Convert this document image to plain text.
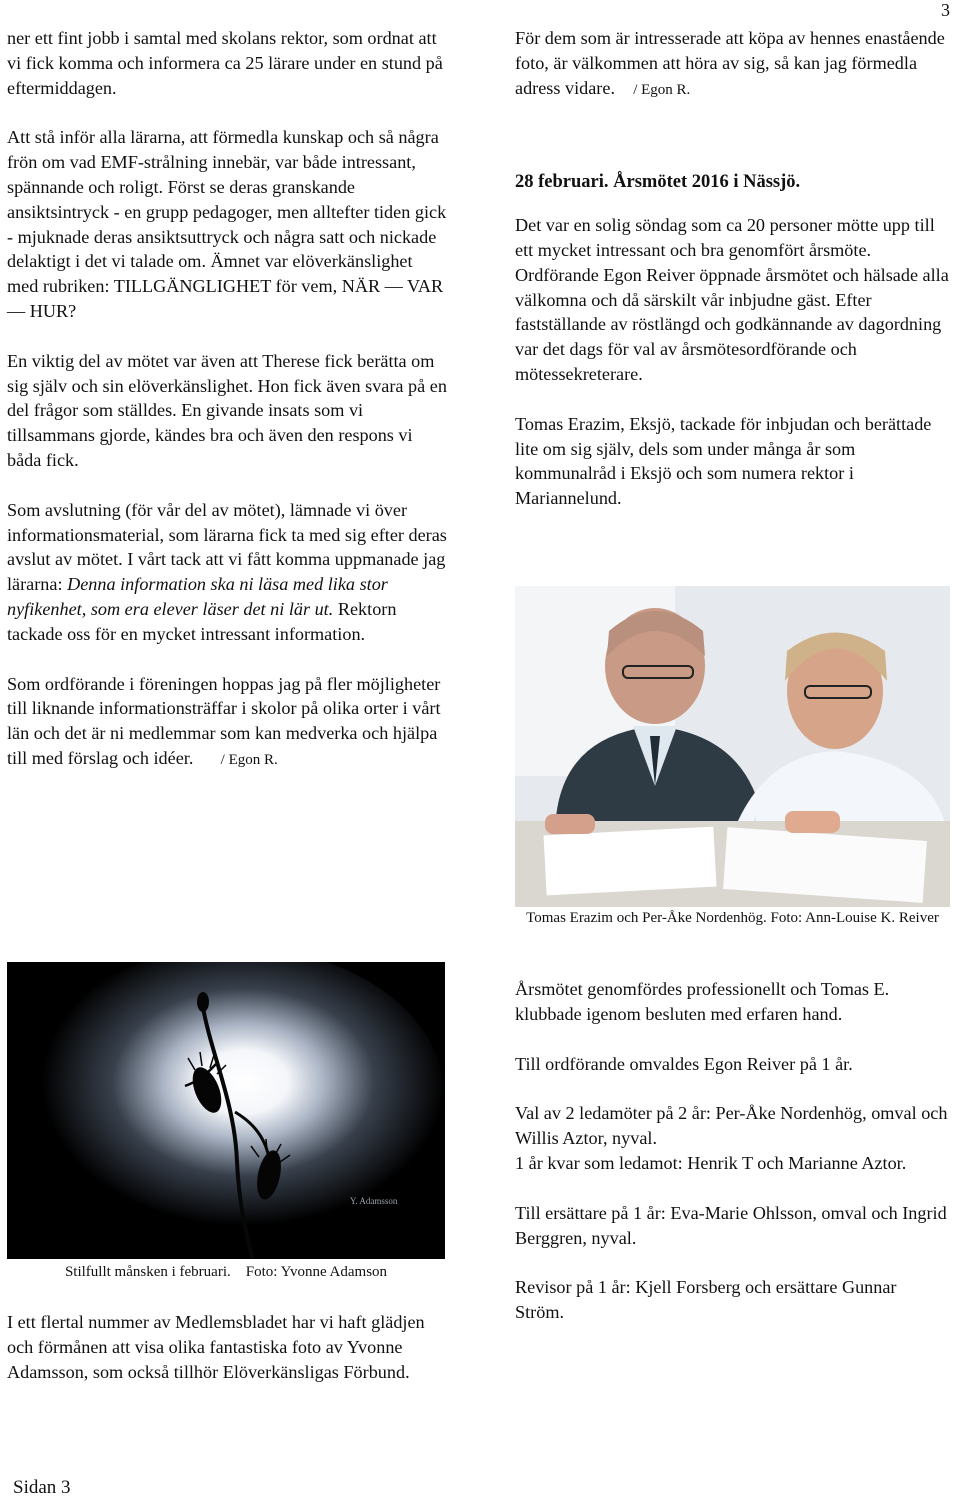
3

ner ett fint jobb i samtal med skolans rektor, som ordnat att vi fick komma och informera ca 25 lärare under en stund på eftermiddagen.

Att stå inför alla lärarna, att förmedla kunskap och så några frön om vad EMF-strålning innebär, var både intressant, spännande och roligt. Först se deras granskande ansiktsintryck - en grupp pedagoger, men alltefter tiden gick - mjuknade deras ansiktsuttryck och några satt och nickade delaktigt i det vi talade om. Ämnet var elöverkänslighet med rubriken: TILLGÄNGLIGHET för vem, NÄR — VAR — HUR?

En viktig del av mötet var även att Therese fick berätta om sig själv och sin elöverkänslighet. Hon fick även svara på en del frågor som ställdes. En givande insats som vi tillsammans gjorde, kändes bra och även den respons vi båda fick.

Som avslutning (för vår del av mötet), lämnade vi över informationsmaterial, som lärarna fick ta med sig efter deras avslut av mötet. I vårt tack att vi fått komma uppmanade jag lärarna: Denna information ska ni läsa med lika stor nyfikenhet, som era elever läser det ni lär ut. Rektorn tackade oss för en mycket intressant information.

Som ordförande i föreningen hoppas jag på fler möjligheter till liknande informationsträffar i skolor på olika orter i vårt län och det är ni medlemmar som kan medverka och hjälpa till med förslag och idéer. / Egon R.

Y. Adamsson
Stilfullt månsken i februari. Foto: Yvonne Adamson

I ett flertal nummer av Medlemsbladet har vi haft glädjen och förmånen att visa olika fantastiska foto av Yvonne Adamsson, som också tillhör Elöverkänsligas Förbund.

För dem som är intresserade att köpa av hennes enastående foto, är välkommen att höra av sig, så kan jag förmedla adress vidare. / Egon R.

28 februari. Årsmötet 2016 i Nässjö.

Det var en solig söndag som ca 20 personer mötte upp till ett mycket intressant och bra genomfört årsmöte. Ordförande Egon Reiver öppnade årsmötet och hälsade alla välkomna och då särskilt vår inbjudne gäst. Efter fastställande av röstlängd och godkännande av dagordning var det dags för val av årsmötesordförande och mötessekreterare.

Tomas Erazim, Eksjö, tackade för inbjudan och berättade lite om sig själv, dels som under många år som kommunalråd i Eksjö och som numera rektor i Mariannelund.

Tomas Erazim och Per-Åke Nordenhög. Foto: Ann-Louise K. Reiver

Årsmötet genomfördes professionellt och Tomas E. klubbade igenom besluten med erfaren hand.

Till ordförande omvaldes Egon Reiver på 1 år.

Val av 2 ledamöter på 2 år: Per-Åke Nordenhög, omval och Willis Aztor, nyval.

1 år kvar som ledamot: Henrik T och Marianne Aztor.

Till ersättare på 1 år: Eva-Marie Ohlsson, omval och Ingrid Berggren, nyval.

Revisor på 1 år: Kjell Forsberg och ersättare Gunnar Ström.

Sidan 3
